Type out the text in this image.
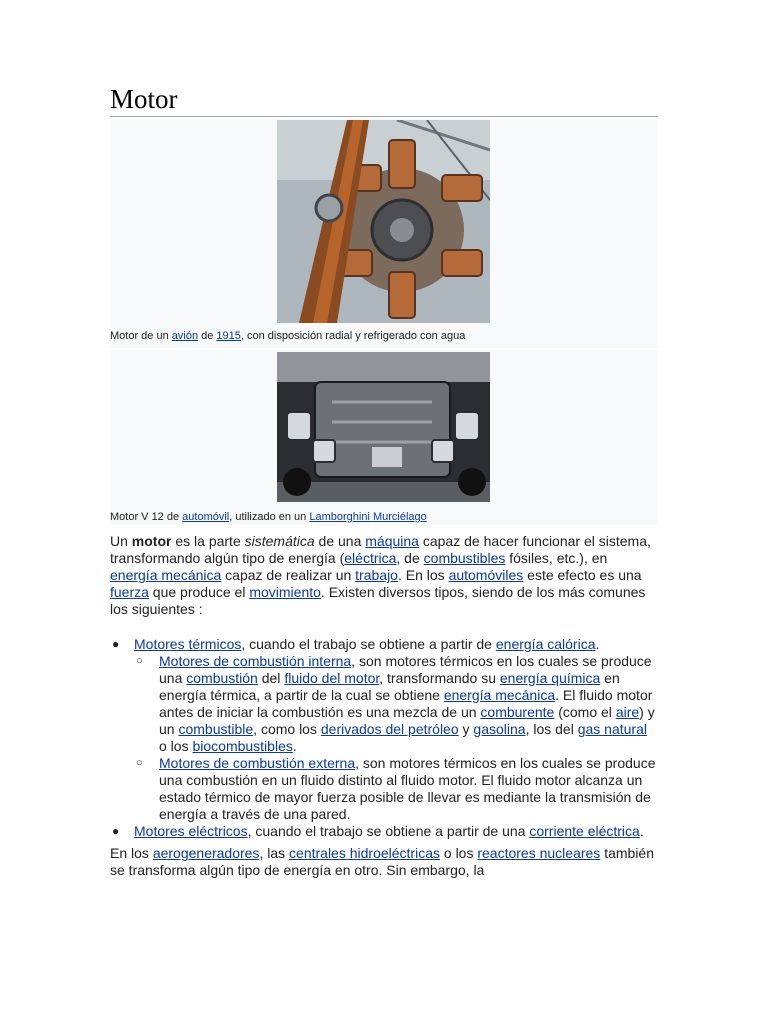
Motor
Motor de un avión de 1915, con disposición radial y refrigerado con agua
Motor V 12 de automóvil, utilizado en un Lamborghini Murciélago

Un motor es la parte sistemática de una máquina capaz de hacer funcionar el sistema, transformando algún tipo de energía (eléctrica, de combustibles fósiles, etc.), en energía mecánica capaz de realizar un trabajo. En los automóviles este efecto es una fuerza que produce el movimiento. Existen diversos tipos, siendo de los más comunes los siguientes :

● Motores térmicos, cuando el trabajo se obtiene a partir de energía calórica.
○ Motores de combustión interna, son motores térmicos en los cuales se produce una combustión del fluido del motor, transformando su energía química en energía térmica, a partir de la cual se obtiene energía mecánica. El fluido motor antes de iniciar la combustión es una mezcla de un comburente (como el aire) y un combustible, como los derivados del petróleo y gasolina, los del gas natural o los biocombustibles.
○ Motores de combustión externa, son motores térmicos en los cuales se produce una combustión en un fluido distinto al fluido motor. El fluido motor alcanza un estado térmico de mayor fuerza posible de llevar es mediante la transmisión de energía a través de una pared.
● Motores eléctricos, cuando el trabajo se obtiene a partir de una corriente eléctrica.

En los aerogeneradores, las centrales hidroeléctricas o los reactores nucleares también se transforma algún tipo de energía en otro. Sin embargo, la
